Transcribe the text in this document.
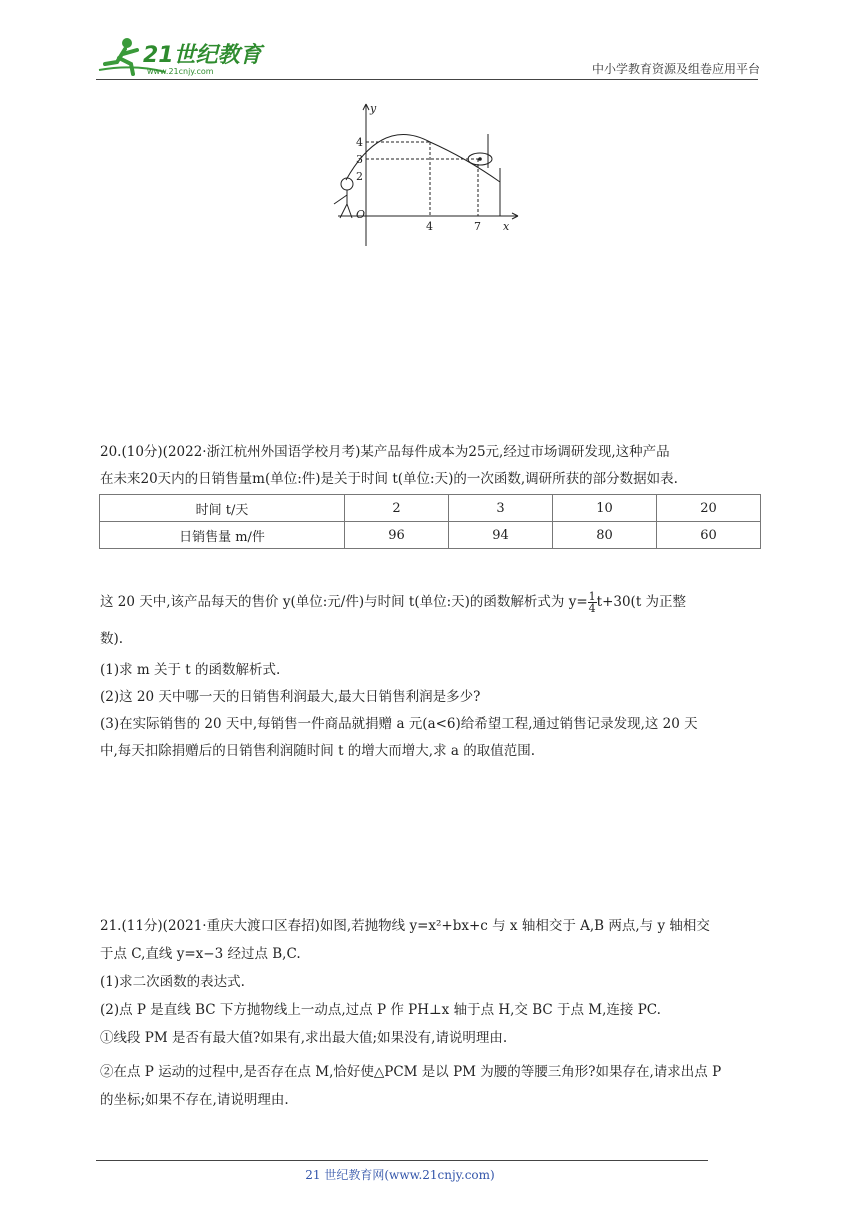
21世纪教育
www.21cnjy.com	中小学教育资源及组卷应用平台
y
x
O
4
3
2
4	7
20.(10分)(2022·浙江杭州外国语学校月考)某产品每件成本为25元,经过市场调研发现,这种产品
在未来20天内的日销售量m(单位:件)是关于时间 t(单位:天)的一次函数,调研所获的部分数据如表.
时间 t/天	2	3	10	20
日销售量 m/件	96	94	80	60
这 20 天中,该产品每天的售价 y(单位:元/件)与时间 t(单位:天)的函数解析式为 $y= \frac{1}{4} t+30(t$ 为正整
数).
(1)求 m 关于 t 的函数解析式.
(2)这 20 天中哪一天的日销售利润最大,最大日销售利润是多少?
(3)在实际销售的 20 天中,每销售一件商品就捐赠 a 元(a<6)给希望工程,通过销售记录发现,这 20 天
中,每天扣除捐赠后的日销售利润随时间 t 的增大而增大,求 a 的取值范围.
21.(11分)(2021·重庆大渡口区春招)如图,若抛物线 y=x²+bx+c 与 x 轴相交于 A,B 两点,与 y 轴相交
于点 C,直线 y=x−3 经过点 B,C.
(1)求二次函数的表达式.
(2)点 P 是直线 BC 下方抛物线上一动点,过点 P 作 PH⊥x 轴于点 H,交 BC 于点 M,连接 PC.
①线段 PM 是否有最大值?如果有,求出最大值;如果没有,请说明理由.
②在点 P 运动的过程中,是否存在点 M,恰好使△PCM 是以 PM 为腰的等腰三角形?如果存在,请求出点 P
的坐标;如果不存在,请说明理由.
21 世纪教育网(www.21cnjy.com)
